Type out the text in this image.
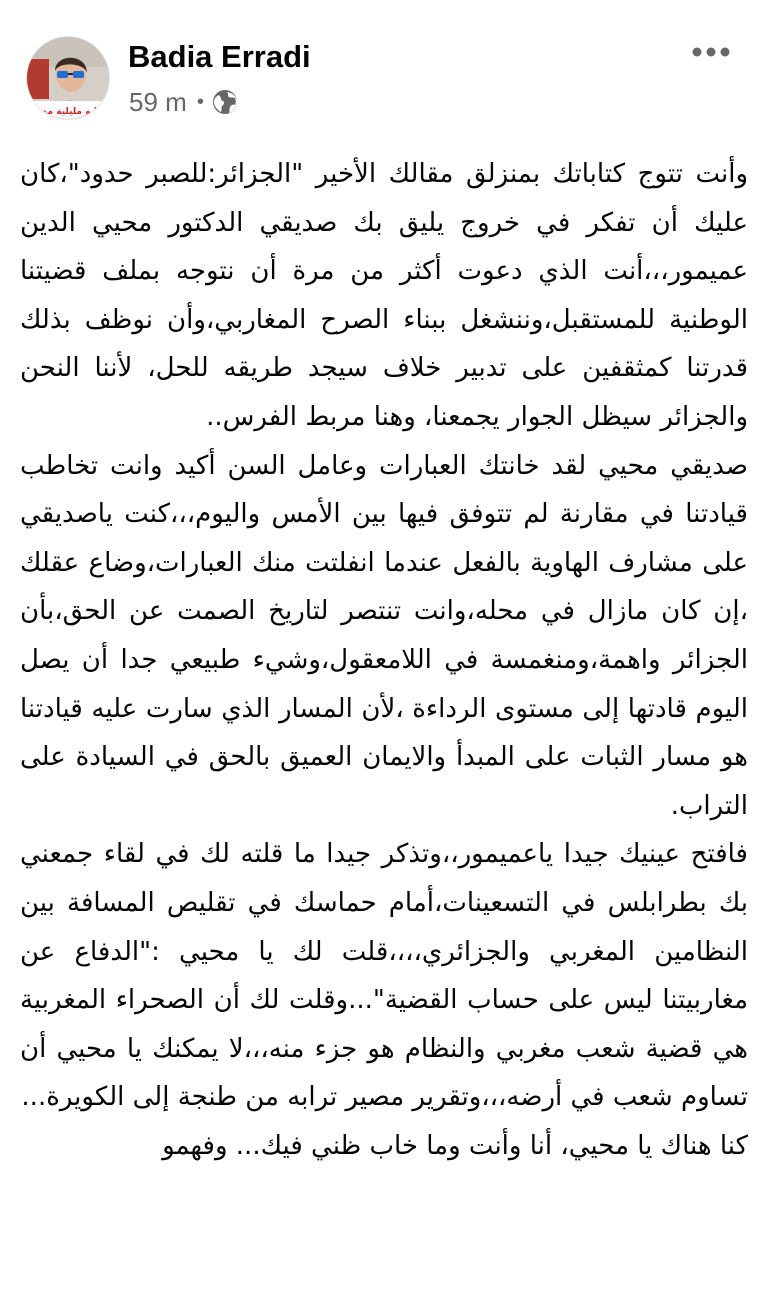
نا و مليلية مغ
Badia Erradi
59 m •

وأنت تتوج كتاباتك بمنزلق مقالك الأخير "الجزائر:للصبر حدود"،كان عليك أن تفكر في خروج يليق بك صديقي الدكتور محيي الدين عميمور،،،أنت الذي دعوت أكثر من مرة أن نتوجه بملف قضيتنا الوطنية للمستقبل،وننشغل ببناء الصرح المغاربي،وأن نوظف بذلك قدرتنا كمثقفين على تدبير خلاف سيجد طريقه للحل، لأننا النحن والجزائر سيظل الجوار يجمعنا، وهنا مربط الفرس..

صديقي محيي لقد خانتك العبارات وعامل السن أكيد وانت تخاطب قيادتنا في مقارنة لم تتوفق فيها بين الأمس واليوم،،،كنت ياصديقي على مشارف الهاوية بالفعل عندما انفلتت منك العبارات،وضاع عقلك ،إن كان مازال في محله،وانت تنتصر لتاريخ الصمت عن الحق،بأن الجزائر واهمة،ومنغمسة في اللامعقول،وشيء طبيعي جدا أن يصل اليوم قادتها إلى مستوى الرداءة ،لأن المسار الذي سارت عليه قيادتنا هو مسار الثبات على المبدأ والايمان العميق بالحق في السيادة على التراب.

فافتح عينيك جيدا ياعميمور،،وتذكر جيدا ما قلته لك في لقاء جمعني بك بطرابلس في التسعينات،أمام حماسك في تقليص المسافة بين النظامين المغربي والجزائري،،،،قلت لك يا محيي :"الدفاع عن مغاربيتنا ليس على حساب القضية"...وقلت لك أن الصحراء المغربية هي قضية شعب مغربي والنظام هو جزء منه،،،لا يمكنك يا محيي أن تساوم شعب في أرضه،،،وتقرير مصير ترابه من طنجة إلى الكويرة...

كنا هناك يا محيي، أنا وأنت وما خاب ظني فيك... وفهمو
